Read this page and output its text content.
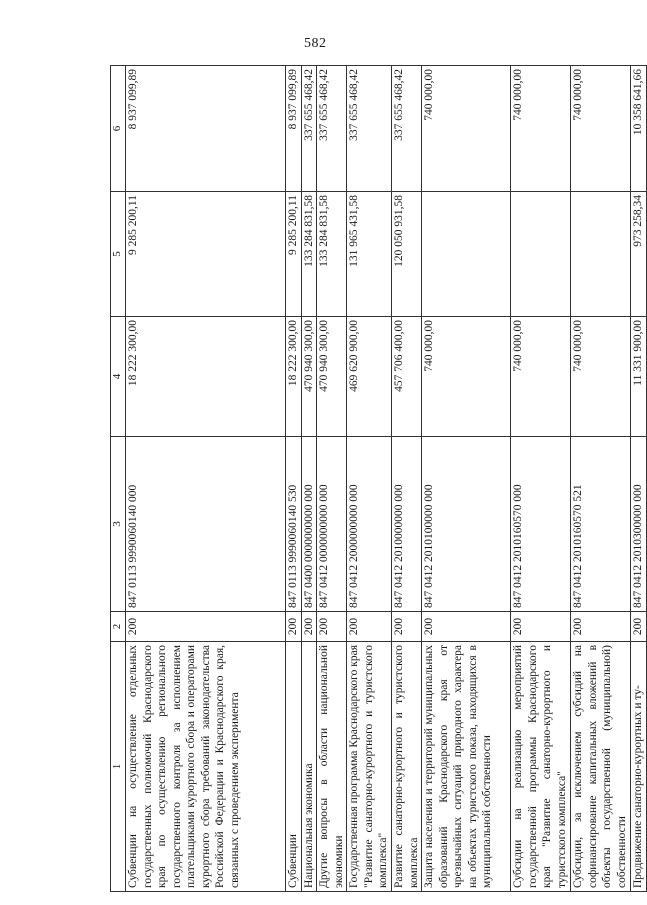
582
1	2	3	4	5	6
Субвенции на осуществление отдельных государственных полномочий Краснодарского края по осуществлению регионального государственного контроля за исполнением плательщиками курортного сбора и операторами курортного сбора требований законодательства Российской Федерации и Краснодарского края, связанных с проведением эксперимента	200	847 0113 9990060140 000	18 222 300,00	9 285 200,11	8 937 099,89
Субвенции	200	847 0113 9990060140 530	18 222 300,00	9 285 200,11	8 937 099,89
Национальная экономика	200	847 0400 0000000000 000	470 940 300,00	133 284 831,58	337 655 468,42
Другие вопросы в области национальной экономики	200	847 0412 0000000000 000	470 940 300,00	133 284 831,58	337 655 468,42
Государственная программа Краснодарского края "Развитие санаторно-курортного и туристского комплекса"	200	847 0412 2000000000 000	469 620 900,00	131 965 431,58	337 655 468,42
Развитие санаторно-курортного и туристского комплекса	200	847 0412 2010000000 000	457 706 400,00	120 050 931,58	337 655 468,42
Защита населения и территорий муниципальных образований Краснодарского края от чрезвычайных ситуаций природного характера на объектах туристского показа, находящихся в муниципальной собственности	200	847 0412 2010100000 000	740 000,00		740 000,00
Субсидии на реализацию мероприятий государственной программы Краснодарского края "Развитие санаторно-курортного и туристского комплекса"	200	847 0412 2010160570 000	740 000,00		740 000,00
Субсидии, за исключением субсидий на софинансирование капитальных вложений в объекты государственной (муниципальной) собственности	200	847 0412 2010160570 521	740 000,00		740 000,00
Продвижение санаторно-курортных и ту-	200	847 0412 2010300000 000	11 331 900,00	973 258,34	10 358 641,66
